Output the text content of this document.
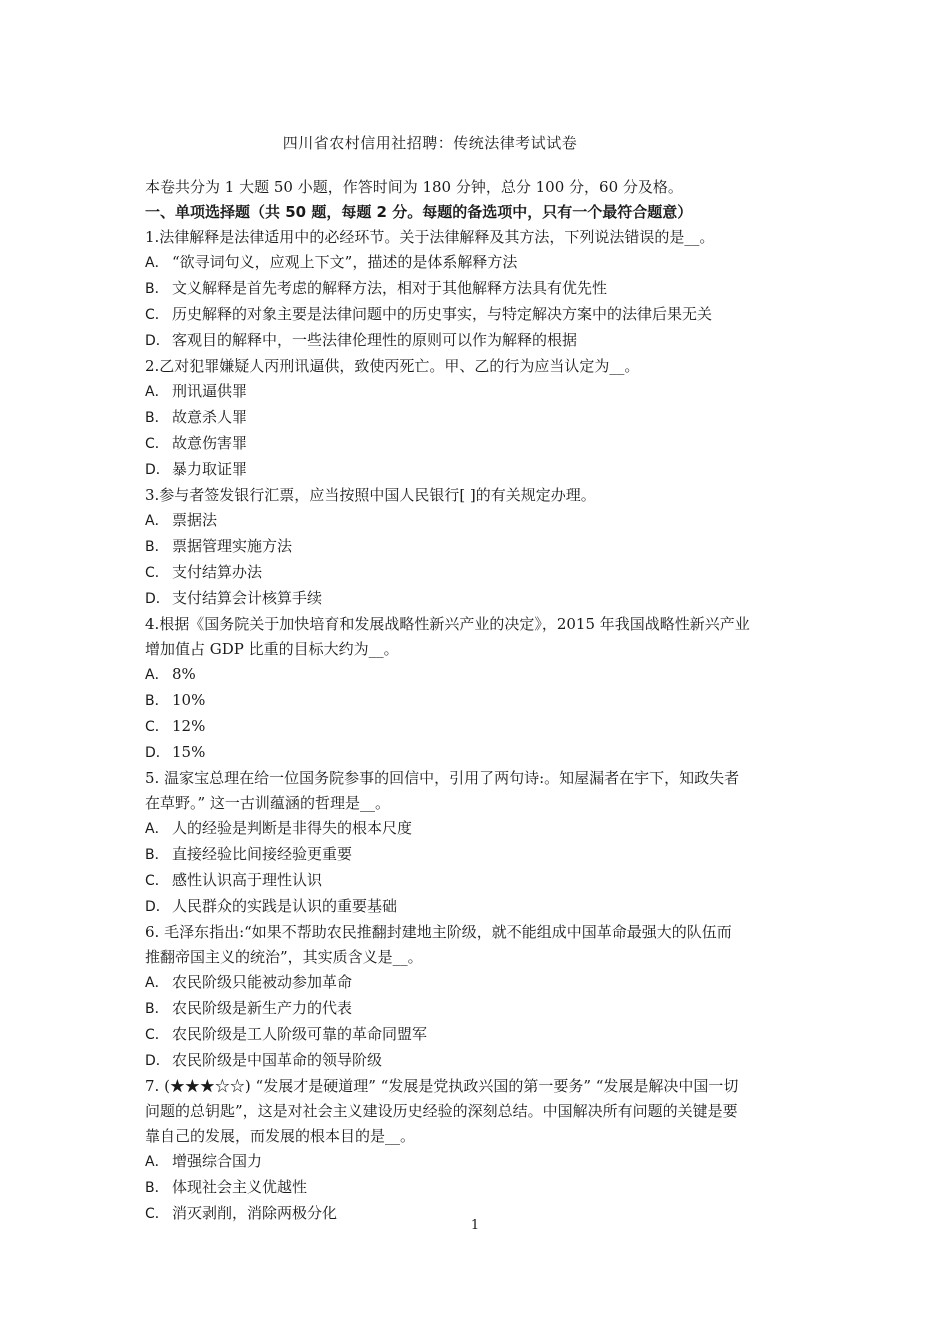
四川省农村信用社招聘：传统法律考试试卷
本卷共分为 1 大题 50 小题，作答时间为 180 分钟，总分 100 分，60 分及格。
一、单项选择题（共 50 题，每题 2 分。每题的备选项中，只有一个最符合题意）
1.法律解释是法律适用中的必经环节。关于法律解释及其方法，下列说法错误的是__。
A． “欲寻词句义，应观上下文”，描述的是体系解释方法
B． 文义解释是首先考虑的解释方法，相对于其他解释方法具有优先性
C． 历史解释的对象主要是法律问题中的历史事实，与特定解决方案中的法律后果无关
D． 客观目的解释中，一些法律伦理性的原则可以作为解释的根据
2.乙对犯罪嫌疑人丙刑讯逼供，致使丙死亡。甲、乙的行为应当认定为__。
A． 刑讯逼供罪
B． 故意杀人罪
C． 故意伤害罪
D． 暴力取证罪
3.参与者签发银行汇票，应当按照中国人民银行[ ]的有关规定办理。
A． 票据法
B． 票据管理实施方法
C． 支付结算办法
D． 支付结算会计核算手续
4.根据《国务院关于加快培育和发展战略性新兴产业的决定》，2015 年我国战略性新兴产业
增加值占 GDP 比重的目标大约为__。
A． 8%
B． 10%
C． 12%
D． 15%
5. 温家宝总理在给一位国务院参事的回信中，引用了两句诗:。知屋漏者在宇下，知政失者
在草野。” 这一古训蕴涵的哲理是__。
A． 人的经验是判断是非得失的根本尺度
B． 直接经验比间接经验更重要
C． 感性认识高于理性认识
D． 人民群众的实践是认识的重要基础
6. 毛泽东指出:“如果不帮助农民推翻封建地主阶级，就不能组成中国革命最强大的队伍而
推翻帝国主义的统治”，其实质含义是__。
A． 农民阶级只能被动参加革命
B． 农民阶级是新生产力的代表
C． 农民阶级是工人阶级可靠的革命同盟军
D． 农民阶级是中国革命的领导阶级
7. (★★★☆☆) “发展才是硬道理” “发展是党执政兴国的第一要务” “发展是解决中国一切
问题的总钥匙”，这是对社会主义建设历史经验的深刻总结。中国解决所有问题的关键是要
靠自己的发展，而发展的根本目的是__。
A． 增强综合国力
B． 体现社会主义优越性
C． 消灭剥削，消除两极分化
1
